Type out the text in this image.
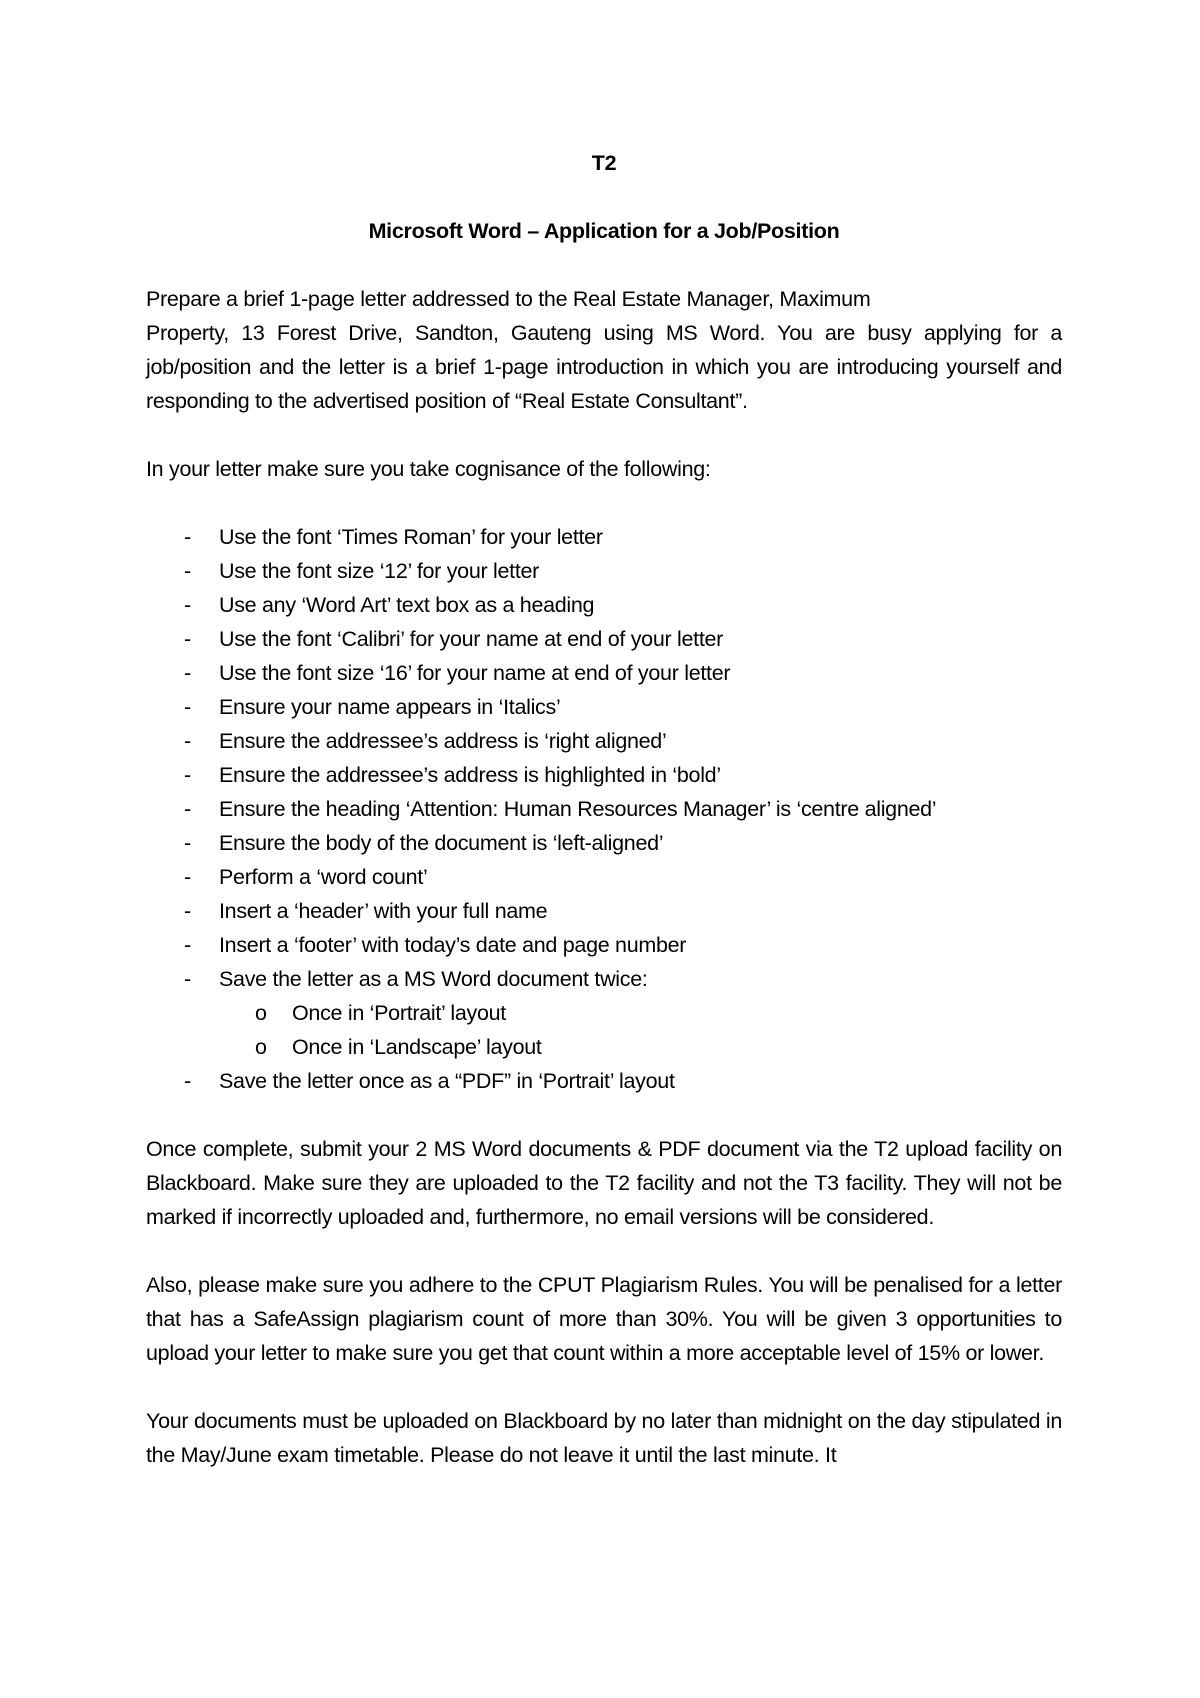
T2

Microsoft Word – Application for a Job/Position

Prepare a brief 1-page letter addressed to the Real Estate Manager, Maximum

Property, 13 Forest Drive, Sandton, Gauteng using MS Word. You are busy applying for a job/position and the letter is a brief 1-page introduction in which you are introducing yourself and responding to the advertised position of “Real Estate Consultant”.

In your letter make sure you take cognisance of the following:

- Use the font ‘Times Roman’ for your letter
- Use the font size ‘12’ for your letter
- Use any ‘Word Art’ text box as a heading
- Use the font ‘Calibri’ for your name at end of your letter
- Use the font size ‘16’ for your name at end of your letter
- Ensure your name appears in ‘Italics’
- Ensure the addressee’s address is ‘right aligned’
- Ensure the addressee’s address is highlighted in ‘bold’
- Ensure the heading ‘Attention: Human Resources Manager’ is ‘centre aligned’
- Ensure the body of the document is ‘left-aligned’
- Perform a ‘word count’
- Insert a ‘header’ with your full name
- Insert a ‘footer’ with today’s date and page number
- Save the letter as a MS Word document twice:
o Once in ‘Portrait’ layout
o Once in ‘Landscape’ layout
- Save the letter once as a “PDF” in ‘Portrait’ layout

Once complete, submit your 2 MS Word documents & PDF document via the T2 upload facility on Blackboard. Make sure they are uploaded to the T2 facility and not the T3 facility. They will not be marked if incorrectly uploaded and, furthermore, no email versions will be considered.

Also, please make sure you adhere to the CPUT Plagiarism Rules. You will be penalised for a letter that has a SafeAssign plagiarism count of more than 30%. You will be given 3 opportunities to upload your letter to make sure you get that count within a more acceptable level of 15% or lower.

Your documents must be uploaded on Blackboard by no later than midnight on the day stipulated in the May/June exam timetable. Please do not leave it until the last minute. It
